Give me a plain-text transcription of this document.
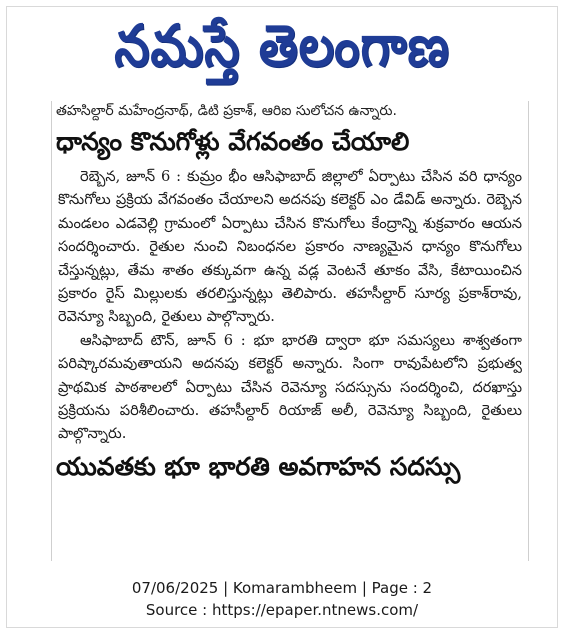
నమస్తే తెలంగాణ
తహసిల్దార్ మహేంద్రనాథ్, డిటి ప్రకాశ్, ఆరిఐ సులోచన ఉన్నారు.
ధాన్యం కొనుగోళ్లు వేగవంతం చేయాలి

రెబ్బెన, జూన్ 6 : కుమ్రం భీం ఆసిఫాబాద్ జిల్లాలో ఏర్పాటు చేసిన వరి ధాన్యం కొనుగోలు ప్రక్రియ వేగవంతం చేయాలని అదనపు కలెక్టర్ ఎం డేవిడ్ అన్నారు. రెబ్బెన మండలం ఎడవెల్లి గ్రామంలో ఏర్పాటు చేసిన కొనుగోలు కేంద్రాన్ని శుక్రవారం ఆయన సందర్శించారు. రైతుల నుంచి నిబంధనల ప్రకారం నాణ్యమైన ధాన్యం కొనుగోలు చేస్తున్నట్లు, తేమ శాతం తక్కువగా ఉన్న వడ్ల వెంటనే తూకం వేసి, కేటాయించిన ప్రకారం రైస్ మిల్లులకు తరలిస్తున్నట్లు తెలిపారు. తహసీల్దార్ సూర్య ప్రకాశ్‌రావు, రెవెన్యూ సిబ్బంది, రైతులు పాల్గొన్నారు.

ఆసిఫాబాద్ టౌన్, జూన్ 6 : భూ భారతి ద్వారా భూ సమస్యలు శాశ్వతంగా పరిష్కారమవుతాయని అదనపు కలెక్టర్ అన్నారు. సింగా రావుపేటలోని ప్రభుత్వ ప్రాథమిక పాఠశాలలో ఏర్పాటు చేసిన రెవెన్యూ సదస్సును సందర్శించి, దరఖాస్తు ప్రక్రియను పరిశీలించారు. తహసీల్దార్ రియాజ్ అలీ, రెవెన్యూ సిబ్బంది, రైతులు పాల్గొన్నారు.

యువతకు భూ భారతి అవగాహన సదస్సు
07/06/2025 | Komarambheem | Page : 2
Source : https://epaper.ntnews.com/
